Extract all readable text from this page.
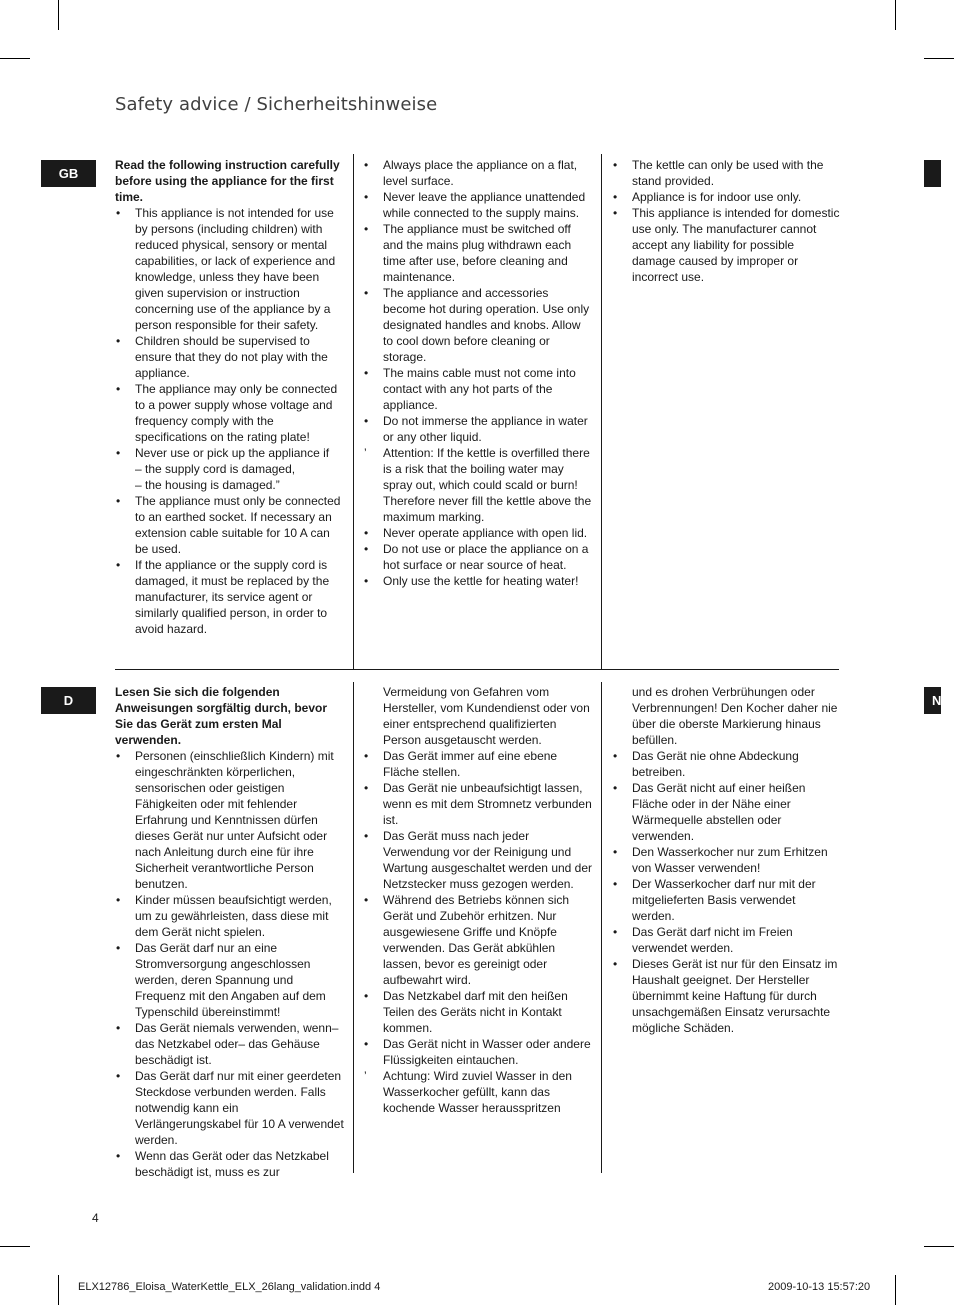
Safety advice / Sicherheitshinweise
GB
D	N

Read the following instruction carefully before using the appliance for the first time.

•	This appliance is not intended for use by persons (including children) with reduced physical, sensory or mental capabilities, or lack of experience and knowledge, unless they have been given supervision or instruction concerning use of the appliance by a person responsible for their safety.
•	Children should be supervised to ensure that they do not play with the appliance.
•	The appliance may only be connected to a power supply whose voltage and frequency comply with the specifications on the rating plate!
•	Never use or pick up the appliance if
– the supply cord is damaged,
– the housing is damaged.”
•	The appliance must only be connected to an earthed socket. If necessary an extension cable suitable for 10 A can be used.
•	If the appliance or the supply cord is damaged, it must be replaced by the manufacturer, its service agent or similarly qualified person, in order to avoid hazard.
•	Always place the appliance on a flat, level surface.
•	Never leave the appliance unattended while connected to the supply mains.
•	The appliance must be switched off and the mains plug withdrawn each time after use, before cleaning and maintenance.
•	The appliance and accessories become hot during operation. Use only designated handles and knobs. Allow to cool down before cleaning or storage.
•	The mains cable must not come into contact with any hot parts of the appliance.
•	Do not immerse the appliance in water or any other liquid.
’	Attention: If the kettle is overfilled there is a risk that the boiling water may spray out, which could scald or burn! Therefore never fill the kettle above the maximum marking.
•	Never operate appliance with open lid.
•	Do not use or place the appliance on a hot surface or near source of heat.
•	Only use the kettle for heating water!
•	The kettle can only be used with the stand provided.
•	Appliance is for indoor use only.
•	This appliance is intended for domestic use only. The manufacturer cannot accept any liability for possible damage caused by improper or incorrect use.

Lesen Sie sich die folgenden Anweisungen sorgfältig durch, bevor Sie das Gerät zum ersten Mal verwenden.

•	Personen (einschließlich Kindern) mit eingeschränkten körperlichen, sensorischen oder geistigen Fähigkeiten oder mit fehlender Erfahrung und Kenntnissen dürfen dieses Gerät nur unter Aufsicht oder nach Anleitung durch eine für ihre Sicherheit verantwortliche Person benutzen.
•	Kinder müssen beaufsichtigt werden, um zu gewährleisten, dass diese mit dem Gerät nicht spielen.
•	Das Gerät darf nur an eine Stromversorgung angeschlossen werden, deren Spannung und Frequenz mit den Angaben auf dem Typenschild übereinstimmt!
•	Das Gerät niemals verwenden, wenn– das Netzkabel oder– das Gehäuse beschädigt ist.
•	Das Gerät darf nur mit einer geerdeten Steckdose verbunden werden. Falls notwendig kann ein Verlängerungskabel für 10 A verwendet werden.
•	Wenn das Gerät oder das Netzkabel beschädigt ist, muss es zur

Vermeidung von Gefahren vom Hersteller, vom Kundendienst oder von einer entsprechend qualifizierten Person ausgetauscht werden.

•	Das Gerät immer auf eine ebene Fläche stellen.
•	Das Gerät nie unbeaufsichtigt lassen, wenn es mit dem Stromnetz verbunden ist.
•	Das Gerät muss nach jeder Verwendung vor der Reinigung und Wartung ausgeschaltet werden und der Netzstecker muss gezogen werden.
•	Während des Betriebs können sich Gerät und Zubehör erhitzen. Nur ausgewiesene Griffe und Knöpfe verwenden. Das Gerät abkühlen lassen, bevor es gereinigt oder aufbewahrt wird.
•	Das Netzkabel darf mit den heißen Teilen des Geräts nicht in Kontakt kommen.
•	Das Gerät nicht in Wasser oder andere Flüssigkeiten eintauchen.
’	Achtung: Wird zuviel Wasser in den Wasserkocher gefüllt, kann das kochende Wasser herausspritzen

und es drohen Verbrühungen oder Verbrennungen! Den Kocher daher nie über die oberste Markierung hinaus befüllen.

•	Das Gerät nie ohne Abdeckung betreiben.
•	Das Gerät nicht auf einer heißen Fläche oder in der Nähe einer Wärmequelle abstellen oder verwenden.
•	Den Wasserkocher nur zum Erhitzen von Wasser verwenden!
•	Der Wasserkocher darf nur mit der mitgelieferten Basis verwendet werden.
•	Das Gerät darf nicht im Freien verwendet werden.
•	Dieses Gerät ist nur für den Einsatz im Haushalt geeignet. Der Hersteller übernimmt keine Haftung für durch unsachgemäßen Einsatz verursachte mögliche Schäden.
4
ELX12786_Eloisa_WaterKettle_ELX_26lang_validation.indd 4	2009-10-13 15:57:20
